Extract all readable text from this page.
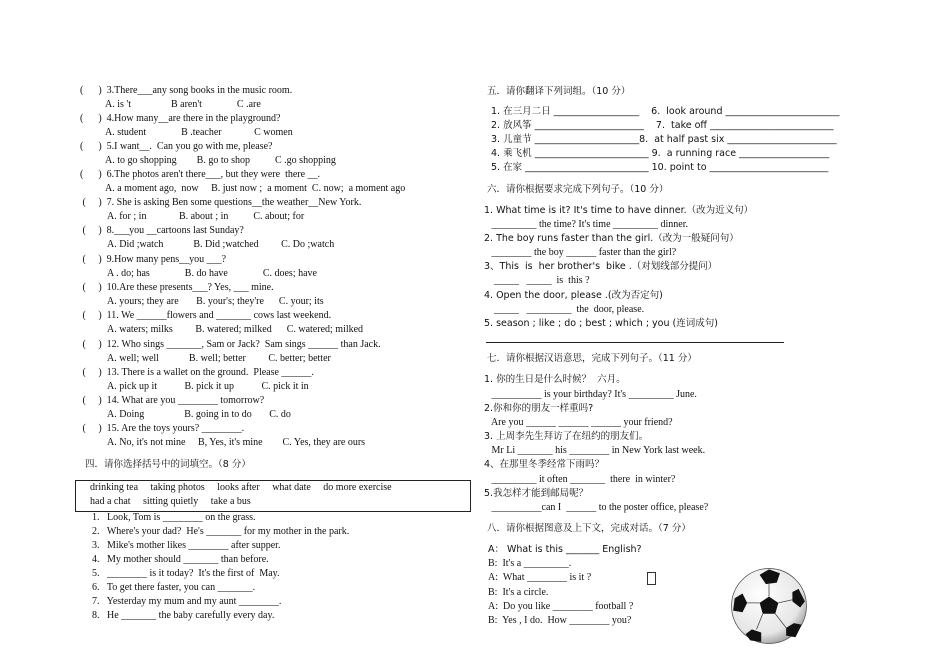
(      )  3.There___any song books in the music room.
A. is 't                B aren't              C .are
(      )  4.How many__are there in the playground?
A. student              B .teacher             C women
(      )  5.I want__.  Can you go with me, please?
A. to go shopping        B. go to shop          C .go shopping
(      )  6.The photos aren't there___, but they were  there __.
A. a moment ago,  now     B. just now ;  a moment  C. now;  a moment ago
(     )  7. She is asking Ben some questions__the weather__New York.
A. for ; in             B. about ; in          C. about; for
(     )  8.___you __cartoons last Sunday?
A. Did ;watch            B. Did ;watched         C. Do ;watch
(     )  9.How many pens__you ___?
A . do; has              B. do have              C. does; have
(     )  10.Are these presents___? Yes, ___ mine.
A. yours; they are       B. your's; they're      C. your; its
(     )  11. We ______flowers and _______ cows last weekend.
A. waters; milks         B. watered; milked      C. watered; milked
(     )  12. Who sings _______, Sam or Jack?  Sam sings ______ than Jack.
A. well; well            B. well; better         C. better; better
(     )  13. There is a wallet on the ground.  Please ______.
A. pick up it           B. pick it up           C. pick it in
(     )  14. What are you ________ tomorrow?
A. Doing                B. going in to do       C. do
(     )  15. Are the toys yours? ________.
A. No, it's not mine     B, Yes, it's mine        C. Yes, they are ours
四．请你选择括号中的词填空。（8 分）
drinking tea     taking photos     looks after     what date     do more exercise
had a chat     sitting quietly     take a bus
1.   Look, Tom is ________ on the grass.
2.   Where's your dad?  He's _______ for my mother in the park.
3.   Mike's mother likes ________ after supper.
4.   My mother should _______ than before.
5.   ________ is it today?  It's the first of  May.
6.   To get there faster, you can _______.
7.   Yesterday my mum and my aunt ________.
8.   He _______ the baby carefully every day.
五．请你翻译下列词组。（10 分）
1. 在三月二日 __________________    6.  look around ________________________
2. 放风筝 _______________________    7.  take off __________________________
3. 儿童节 ______________________8.  at half past six _______________________
4. 乘飞机 ________________________ 9.  a running race ___________________
5. 在家 __________________________ 10. point to _________________________
六．请你根据要求完成下列句子。（10 分）
1. What time is it? It's time to have dinner.（改为近义句）
_________ the time? It's time _________ dinner.
2. The boy runs faster than the girl.（改为一般疑问句）
________ the boy ______ faster than the girl?
3、This  is  her brother's  bike .（对划线部分提问）
_____   _____  is  this ?
4. Open the door, please .(改为否定句)
_____   _________  the  door, please.
5. season ; like ; do ; best ; which ; you (连词成句)
七．请你根据汉语意思，完成下列句子。（11 分）
1. 你的生日是什么时候？  六月。
__________ is your birthday? It's _________ June.
2.你和你的朋友一样重吗?
Are you ______ ______ ______ your friend?
3. 上周李先生拜访了在纽约的朋友们。
Mr Li _______ his ________ in New York last week.
4、在那里冬季经常下雨吗？
_________ it often _______  there  in winter?
5.我怎样才能到邮局呢？
__________can I  ______ to the poster office, please?
八．请你根据图意及上下文，完成对话。（7 分）
A： What is this _______ English?
B:  It's a _________.
A:  What ________ is it ?
B:  It's a circle.
A:  Do you like ________ football ?
B:  Yes , I do.  How ________ you?
